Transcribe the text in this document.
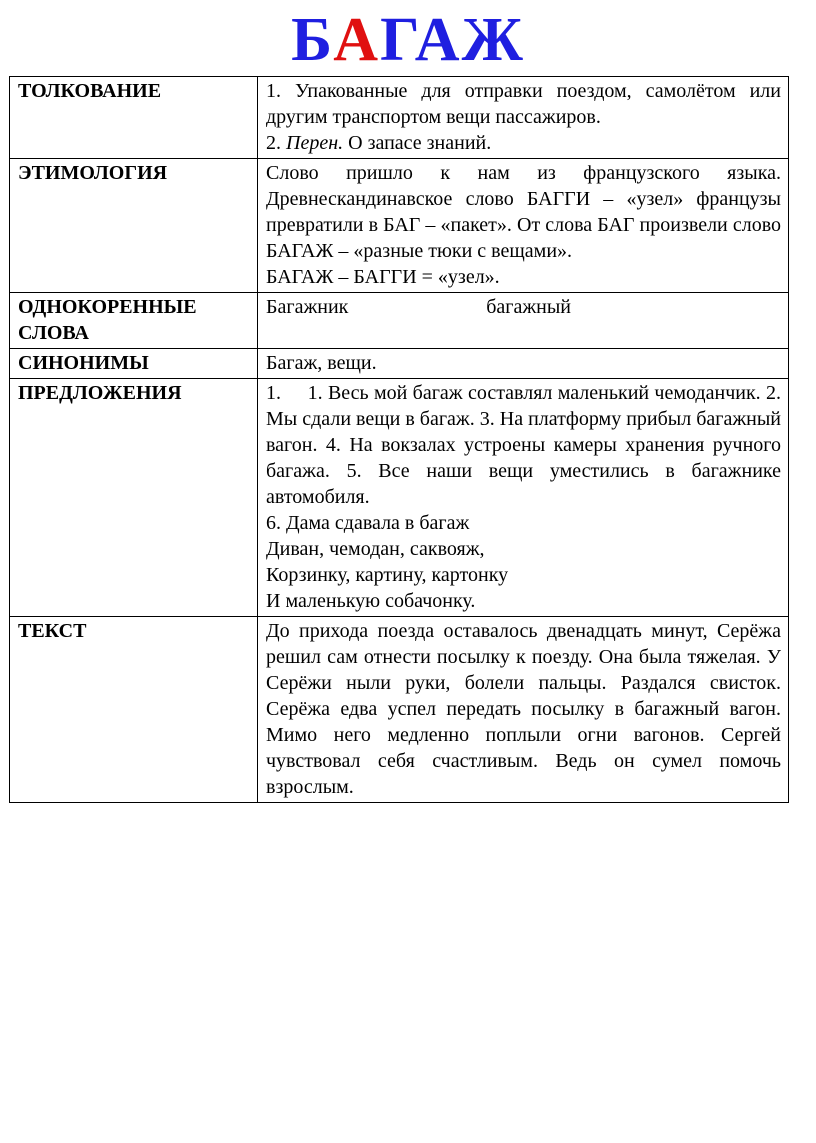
БАГАЖ
ТОЛКОВАНИЕ	1. Упакованные для отправки поездом, самолётом или другим транспортом вещи пассажиров.
2. Перен. О запасе знаний.

ЭТИМОЛОГИЯ	Слово пришло к нам из французского языка. Древнескандинавское слово БАГГИ – «узел» французы превратили в БАГ – «пакет». От слова БАГ произвели слово БАГАЖ – «разные тюки с вещами».
БАГАЖ – БАГГИ = «узел».

ОДНОКОРЕННЫЕ СЛОВА	Багажник багажный

СИНОНИМЫ	Багаж, вещи.
ПРЕДЛОЖЕНИЯ	1.     1. Весь мой багаж составлял маленький чемоданчик. 2. Мы сдали вещи в багаж. 3. На платформу прибыл багажный вагон. 4. На вокзалах устроены камеры хранения ручного багажа. 5. Все наши вещи уместились в багажнике автомобиля.
6. Дама сдавала в багаж
Диван, чемодан, саквояж,
Корзинку, картину, картонку
И маленькую собачонку.

ТЕКСТ	До прихода поезда оставалось двенадцать минут, Серёжа решил сам отнести посылку к поезду. Она была тяжелая. У Серёжи ныли руки, болели пальцы. Раздался свисток. Серёжа едва успел передать посылку в багажный вагон. Мимо него медленно поплыли огни вагонов. Сергей чувствовал себя счастливым. Ведь он сумел помочь взрослым.
